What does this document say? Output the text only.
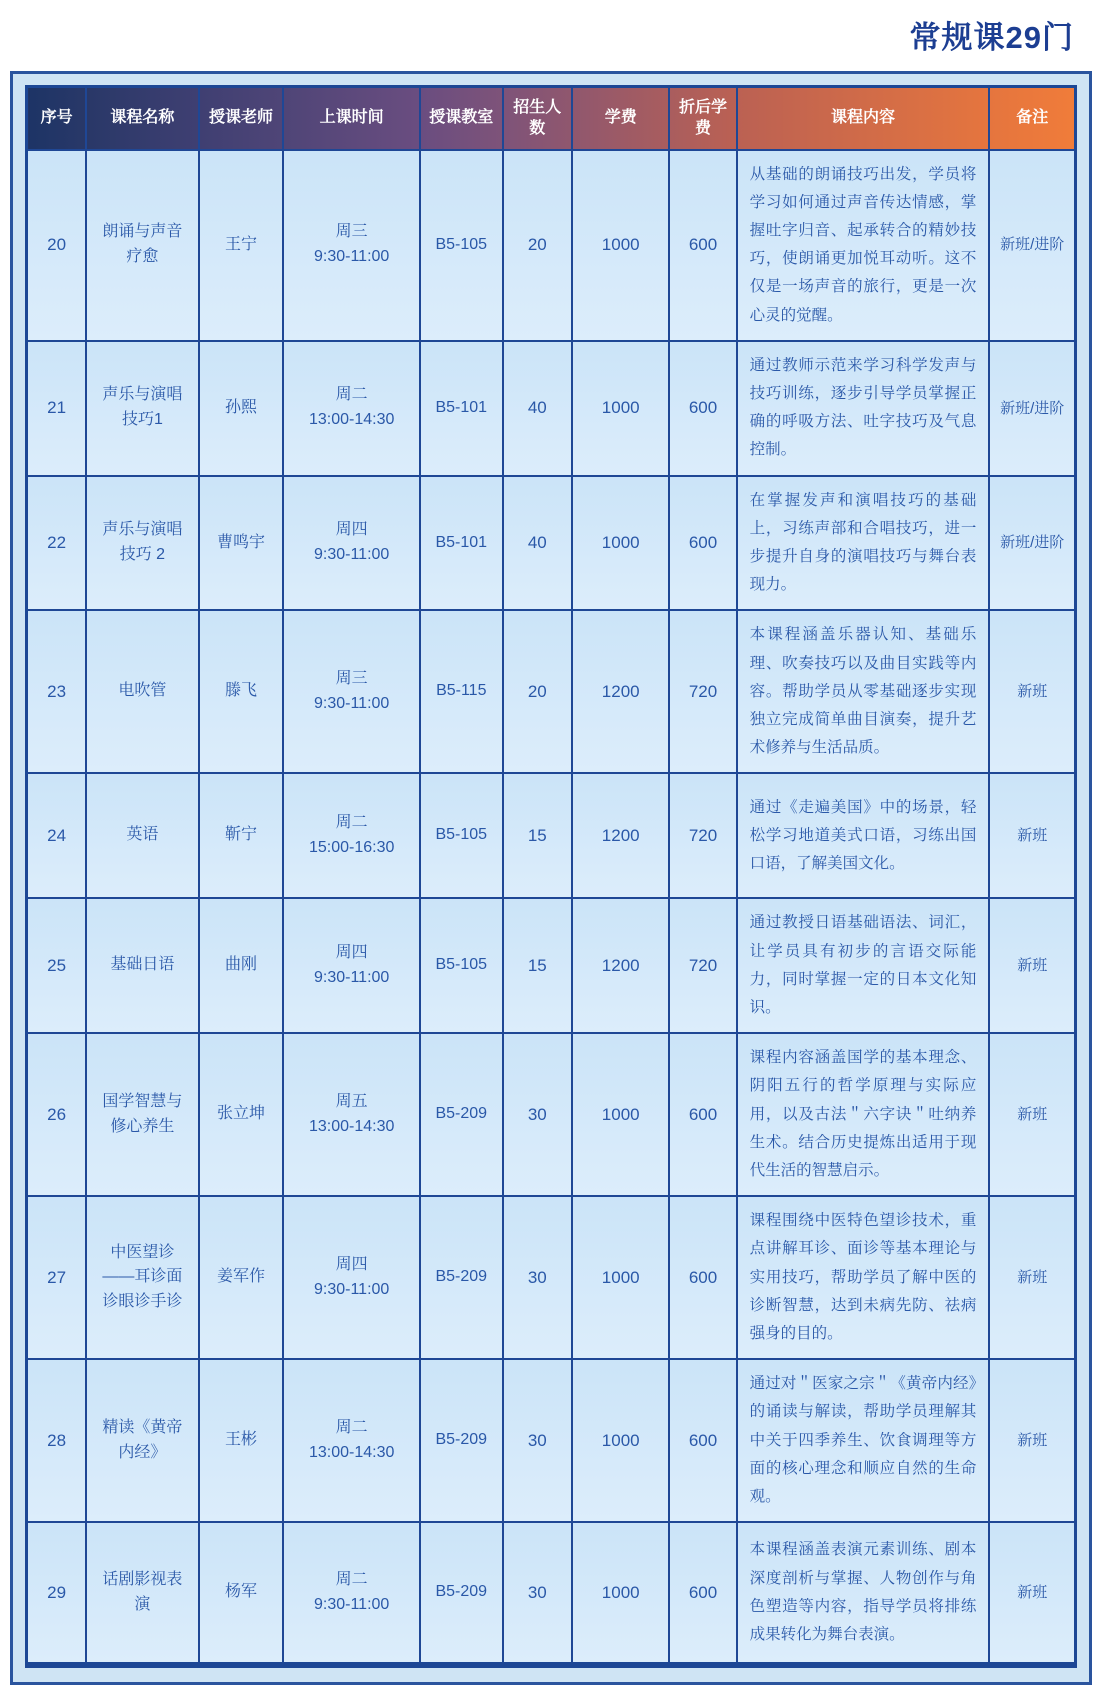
常规课29门
序号	课程名称	授课老师	上课时间	授课教室	招生人数	学费	折后学费	课程内容	备注
20	朗诵与声音疗愈	王宁	周三
9:30-11:00	B5-105	20	1000	600	从基础的朗诵技巧出发，学员将学习如何通过声音传达情感，掌握吐字归音、起承转合的精妙技巧，使朗诵更加悦耳动听。这不仅是一场声音的旅行，更是一次心灵的觉醒。	新班/进阶
21	声乐与演唱技巧1	孙熙	周二
13:00-14:30	B5-101	40	1000	600	通过教师示范来学习科学发声与技巧训练，逐步引导学员掌握正确的呼吸方法、吐字技巧及气息控制。	新班/进阶
22	声乐与演唱技巧 2	曹鸣宇	周四
9:30-11:00	B5-101	40	1000	600	在掌握发声和演唱技巧的基础上，习练声部和合唱技巧，进一步提升自身的演唱技巧与舞台表现力。	新班/进阶
23	电吹管	滕飞	周三
9:30-11:00	B5-115	20	1200	720	本课程涵盖乐器认知、基础乐理、吹奏技巧以及曲目实践等内容。帮助学员从零基础逐步实现独立完成简单曲目演奏，提升艺术修养与生活品质。	新班
24	英语	靳宁	周二
15:00-16:30	B5-105	15	1200	720	通过《走遍美国》中的场景，轻松学习地道美式口语，习练出国口语，了解美国文化。	新班
25	基础日语	曲刚	周四
9:30-11:00	B5-105	15	1200	720	通过教授日语基础语法、词汇，让学员具有初步的言语交际能力，同时掌握一定的日本文化知识。	新班
26	国学智慧与修心养生	张立坤	周五
13:00-14:30	B5-209	30	1000	600	课程内容涵盖国学的基本理念、阴阳五行的哲学原理与实际应用，以及古法＂六字诀＂吐纳养生术。结合历史提炼出适用于现代生活的智慧启示。	新班
27	中医望诊——耳诊面诊眼诊手诊	姜军作	周四
9:30-11:00	B5-209	30	1000	600	课程围绕中医特色望诊技术，重点讲解耳诊、面诊等基本理论与实用技巧，帮助学员了解中医的诊断智慧，达到未病先防、祛病强身的目的。	新班
28	精读《黄帝内经》	王彬	周二
13:00-14:30	B5-209	30	1000	600	通过对＂医家之宗＂《黄帝内经》的诵读与解读，帮助学员理解其中关于四季养生、饮食调理等方面的核心理念和顺应自然的生命观。	新班
29	话剧影视表演	杨军	周二
9:30-11:00	B5-209	30	1000	600	本课程涵盖表演元素训练、剧本深度剖析与掌握、人物创作与角色塑造等内容，指导学员将排练成果转化为舞台表演。	新班
